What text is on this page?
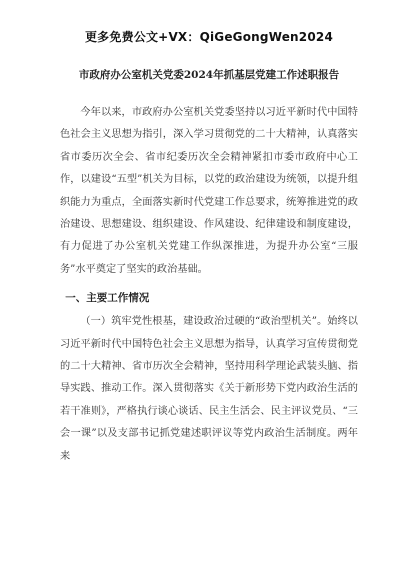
更多免费公文+VX：QiGeGongWen2024
市政府办公室机关党委2024年抓基层党建工作述职报告

今年以来，市政府办公室机关党委坚持以习近平新时代中国特色社会主义思想为指引，深入学习贯彻党的二十大精神，认真落实省市委历次全会、省市纪委历次全会精神紧扣市委市政府中心工作，以建设“五型”机关为目标，以党的政治建设为统领，以提升组织能力为重点，全面落实新时代党建工作总要求，统筹推进党的政治建设、思想建设、组织建设、作风建设、纪律建设和制度建设，有力促进了办公室机关党建工作纵深推进，为提升办公室“三服务”水平奠定了坚实的政治基础。

一、主要工作情况

（一）筑牢党性根基，建设政治过硬的“政治型机关”。始终以习近平新时代中国特色社会主义思想为指导，认真学习宣传贯彻党的二十大精神、省市历次全会精神，坚持用科学理论武装头脑、指导实践、推动工作。深入贯彻落实《关于新形势下党内政治生活的若干准则》，严格执行谈心谈话、民主生活会、民主评议党员、“三会一课”以及支部书记抓党建述职评议等党内政治生活制度。两年来
